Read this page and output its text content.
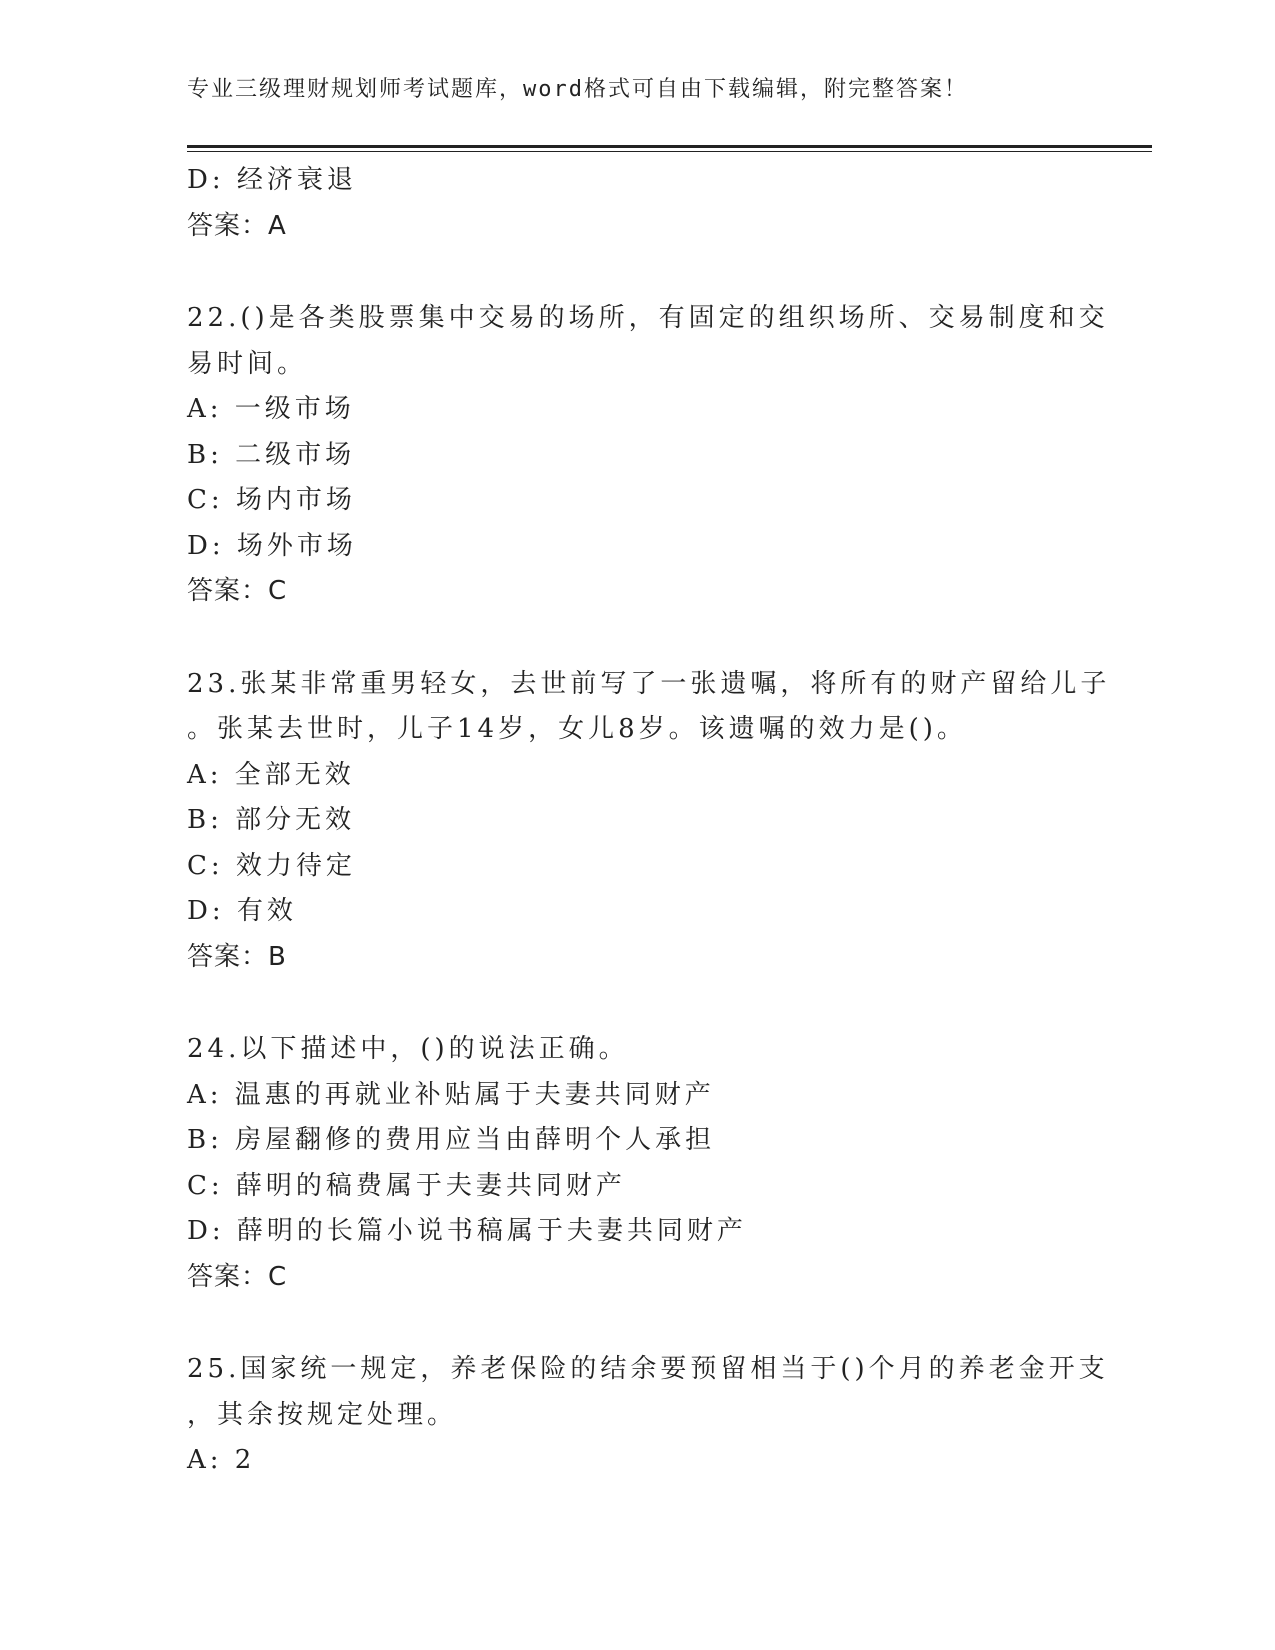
专业三级理财规划师考试题库，word格式可自由下载编辑，附完整答案！
D: 经济衰退
答案：A
22.()是各类股票集中交易的场所，有固定的组织场所、交易制度和交
易时间。
A: 一级市场
B: 二级市场
C: 场内市场
D: 场外市场
答案：C
23.张某非常重男轻女，去世前写了一张遗嘱，将所有的财产留给儿子
。张某去世时，儿子14岁，女儿8岁。该遗嘱的效力是()。
A: 全部无效
B: 部分无效
C: 效力待定
D: 有效
答案：B
24.以下描述中，()的说法正确。
A: 温惠的再就业补贴属于夫妻共同财产
B: 房屋翻修的费用应当由薛明个人承担
C: 薛明的稿费属于夫妻共同财产
D: 薛明的长篇小说书稿属于夫妻共同财产
答案：C
25.国家统一规定，养老保险的结余要预留相当于()个月的养老金开支
，其余按规定处理。
A: 2
